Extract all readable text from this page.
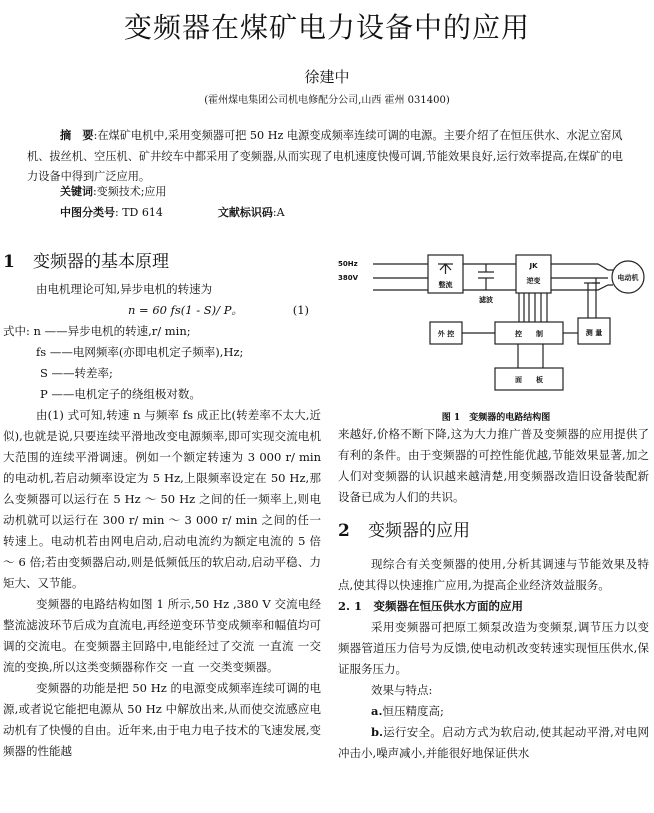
变频器在煤矿电力设备中的应用
徐建中
(霍州煤电集团公司机电修配分公司,山西 霍州 031400)

摘　要:在煤矿电机中,采用变频器可把 50 Hz 电源变成频率连续可调的电源。主要介绍了在恒压供水、水泥立窑风机、拔丝机、空压机、矿井绞车中都采用了变频器,从而实现了电机速度快慢可调,节能效果良好,运行效率提高,在煤矿的电力设备中得到广泛应用。

关键词:变频技术;应用
中图分类号: TD 614	文献标识码:A
1 变频器的基本原理

由电机理论可知,异步电机的转速为

n = 60 fs(1 - S)/ P。	(1)

式中: n ——异步电机的转速,r/ min;

fs ——电网频率(亦即电机定子频率),Hz;

S ——转差率;

P ——电机定子的绕组极对数。

由(1) 式可知,转速 n 与频率 fs 成正比(转差率不太大,近似),也就是说,只要连续平滑地改变电源频率,即可实现交流电机大范围的连续平滑调速。例如一个额定转速为 3 000 r/ min 的电动机,若启动频率设定为 5 Hz,上限频率设定在 50 Hz,那么变频器可以运行在 5 Hz ～ 50 Hz 之间的任一频率上,则电动机就可以运行在 300 r/ min ～ 3 000 r/ min 之间的任一转速上。电动机若由网电启动,启动电流约为额定电流的 5 倍 ～ 6 倍;若由变频器启动,则是低频低压的软启动,启动平稳、力矩大、又节能。

变频器的电路结构如图 1 所示,50 Hz ,380 V 交流电经整流滤波环节后成为直流电,再经逆变环节变成频率和幅值均可调的交流电。在变频器主回路中,电能经过了交流 一直流 一交流的变换,所以这类变频器称作交 一直 一交类变频器。

变频器的功能是把 50 Hz 的电源变成频率连续可调的电源,或者说它能把电源从 50 Hz 中解放出来,从而使交流感应电动机有了快慢的自由。近年来,由于电力电子技术的飞速发展,变频器的性能越

50Hz
380V
整流
滤波
JK
逆变	电动机
外 控	控　　制	测 量
面　　板
图 1　变频器的电路结构图

来越好,价格不断下降,这为大力推广普及变频器的应用提供了有利的条件。由于变频器的可控性能优越,节能效果显著,加之人们对变频器的认识越来越清楚,用变频器改造旧设备装配新设备已成为人们的共识。

2 变频器的应用

现综合有关变频器的使用,分析其调速与节能效果及特点,使其得以快速推广应用,为提高企业经济效益服务。

2. 1　 变频器在恒压供水方面的应用

采用变频器可把原工频泵改造为变频泵,调节压力以变频器管道压力信号为反馈,使电动机改变转速实现恒压供水,保证服务压力。

效果与特点:

a.恒压精度高;

b.运行安全。启动方式为软启动,使其起动平滑,对电网冲击小,噪声减小,并能很好地保证供水
